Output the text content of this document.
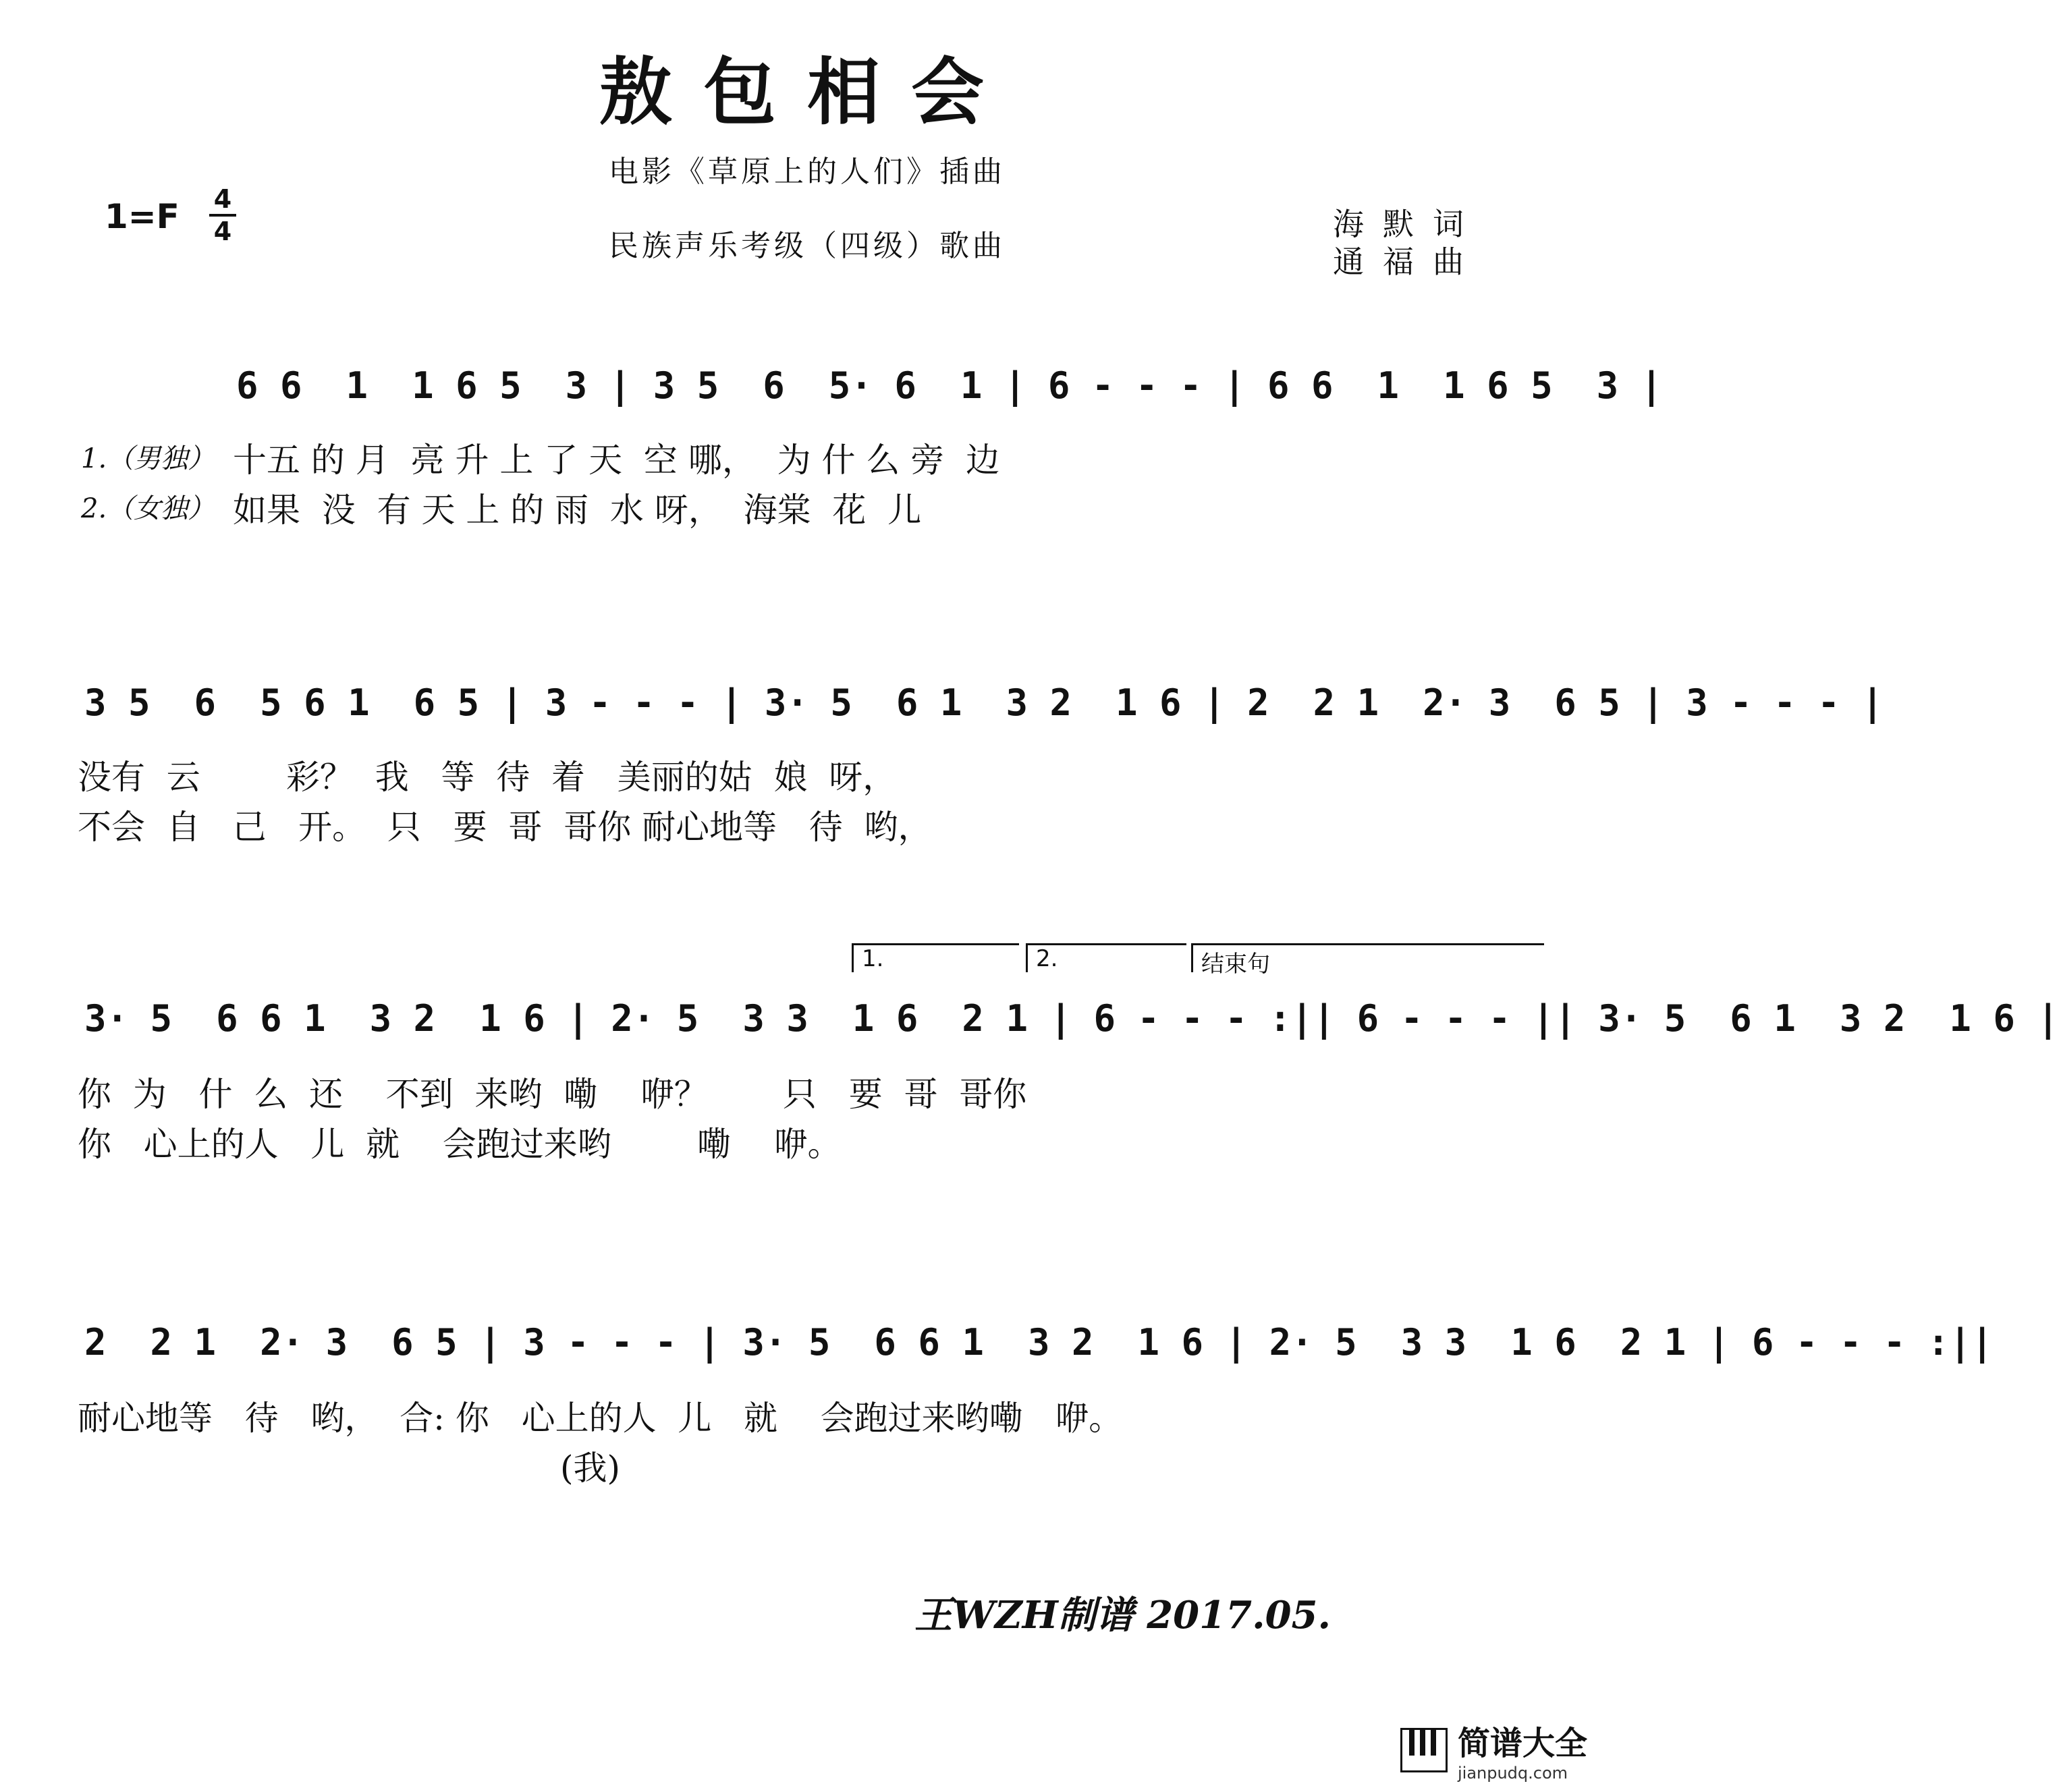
敖包相会
电影《草原上的人们》插曲
1=F 4
4	民族声乐考级（四级）歌曲
海默词
通福曲
6 6  1  1 6 5  3 | 3 5  6  5· 6  1 | 6 - - - | 6 6  1  1 6 5  3 |
1.（男独） 十五 的 月  亮 升 上 了 天  空 哪，  为 什 么 旁  边
2.（女独） 如果  没  有 天 上 的 雨  水 呀，  海棠  花  儿
3 5  6  5 6 1  6 5 | 3 - - - | 3· 5  6 1  3 2  1 6 | 2  2 1  2· 3  6 5 | 3 - - - |
没有  云        彩？  我   等  待  着   美丽的姑  娘  呀，
不会  自   己   开。  只   要  哥  哥你 耐心地等   待  哟，
1.	2.	结束句
3· 5  6 6 1  3 2  1 6 | 2· 5  3 3  1 6  2 1 | 6 - - - :|| 6 - - - || 3· 5  6 1  3 2  1 6 |
你  为   什  么  还    不到  来哟  嘞    咿？       只   要  哥  哥你
你   心上的人   儿  就    会跑过来哟        嘞    咿。
2  2 1  2· 3  6 5 | 3 - - - | 3· 5  6 6 1  3 2  1 6 | 2· 5  3 3  1 6  2 1 | 6 - - - :||
耐心地等   待   哟，  合: 你   心上的人  儿   就    会跑过来哟嘞   咿。
(我)
王WZH制谱 2017.05.

简谱大全
jianpudq.com
